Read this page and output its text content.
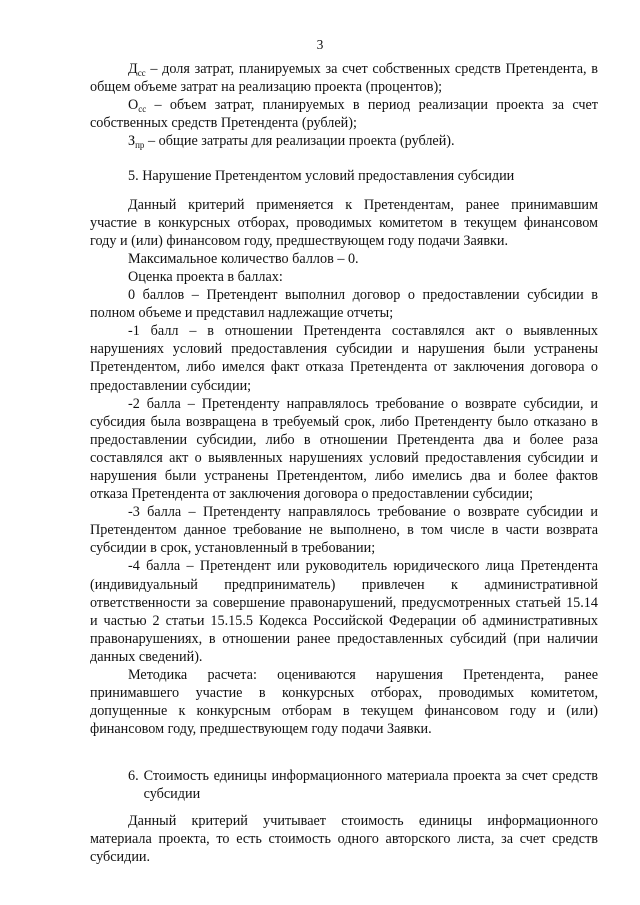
3

$Д_{сс}$ – доля затрат, планируемых за счет собственных средств Претендента, в общем объеме затрат на реализацию проекта (процентов);

$О_{сс}$ – объем затрат, планируемых в период реализации проекта за счет собственных средств Претендента (рублей);

$З_{пр}$ – общие затраты для реализации проекта (рублей).

5. Нарушение Претендентом условий предоставления субсидии

Данный критерий применяется к Претендентам, ранее принимавшим участие в конкурсных отборах, проводимых комитетом в текущем финансовом году и (или) финансовом году, предшествующем году подачи Заявки.

Максимальное количество баллов – 0.

Оценка проекта в баллах:

0 баллов – Претендент выполнил договор о предоставлении субсидии в полном объеме и представил надлежащие отчеты;

-1 балл – в отношении Претендента составлялся акт о выявленных нарушениях условий предоставления субсидии и нарушения были устранены Претендентом, либо имелся факт отказа Претендента от заключения договора о предоставлении субсидии;

-2 балла – Претенденту направлялось требование о возврате субсидии, и субсидия была возвращена в требуемый срок, либо Претенденту было отказано в предоставлении субсидии, либо в отношении Претендента два и более раза составлялся акт о выявленных нарушениях условий предоставления субсидии и нарушения были устранены Претендентом, либо имелись два и более фактов отказа Претендента от заключения договора о предоставлении субсидии;

-3 балла – Претенденту направлялось требование о возврате субсидии и Претендентом данное требование не выполнено, в том числе в части возврата субсидии в срок, установленный в требовании;

-4 балла – Претендент или руководитель юридического лица Претендента (индивидуальный предприниматель) привлечен к административной ответственности за совершение правонарушений, предусмотренных статьей 15.14 и частью 2 статьи 15.15.5 Кодекса Российской Федерации об административных правонарушениях, в отношении ранее предоставленных субсидий (при наличии данных сведений).

Методика расчета: оцениваются нарушения Претендента, ранее принимавшего участие в конкурсных отборах, проводимых комитетом, допущенные к конкурсным отборам в текущем финансовом году и (или) финансовом году, предшествующем году подачи Заявки.

6. Стоимость единицы информационного материала проекта за счет средств субсидии

Данный критерий учитывает стоимость единицы информационного материала проекта, то есть стоимость одного авторского листа, за счет средств субсидии.
